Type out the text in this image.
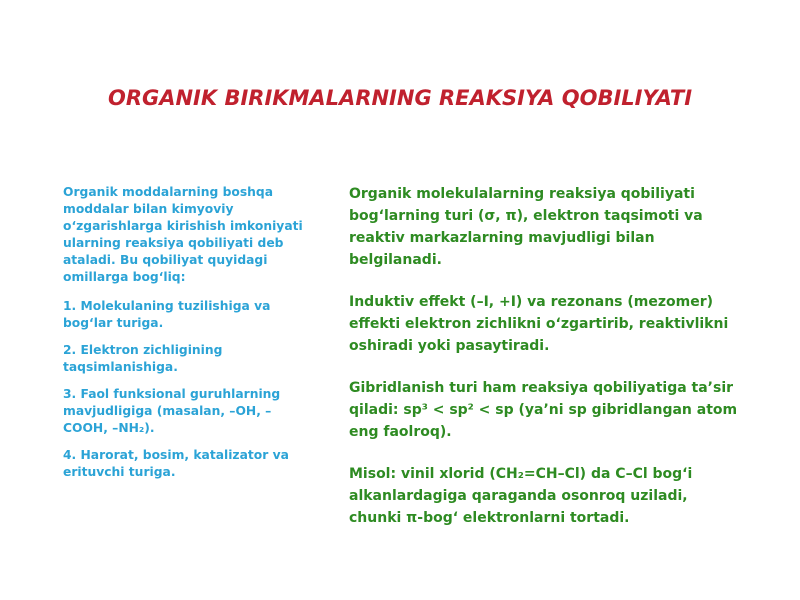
ORGANIK BIRIKMALARNING REAKSIYA QOBILIYATI

Organik moddalarning boshqa moddalar bilan kimyoviy o‘zgarishlarga kirishish imkoniyati ularning reaksiya qobiliyati deb ataladi. Bu qobiliyat quyidagi omillarga bog‘liq:

1. Molekulaning tuzilishiga va bog‘lar turiga.

2. Elektron zichligining taqsimlanishiga.

3. Faol funksional guruhlarning mavjudligiga (masalan, –OH, –COOH, –NH₂).

4. Harorat, bosim, katalizator va erituvchi turiga.

Organik molekulalarning reaksiya qobiliyati bog‘larning turi (σ, π), elektron taqsimoti va reaktiv markazlarning mavjudligi bilan belgilanadi.

Induktiv effekt (–I, +I) va rezonans (mezomer) effekti elektron zichlikni o‘zgartirib, reaktivlikni oshiradi yoki pasaytiradi.

Gibridlanish turi ham reaksiya qobiliyatiga ta’sir qiladi: sp³ < sp² < sp (ya’ni sp gibridlangan atom eng faolroq).

Misol: vinil xlorid (CH₂=CH–Cl) da C–Cl bog‘i alkanlardagiga qaraganda osonroq uziladi, chunki π-bog‘ elektronlarni tortadi.
